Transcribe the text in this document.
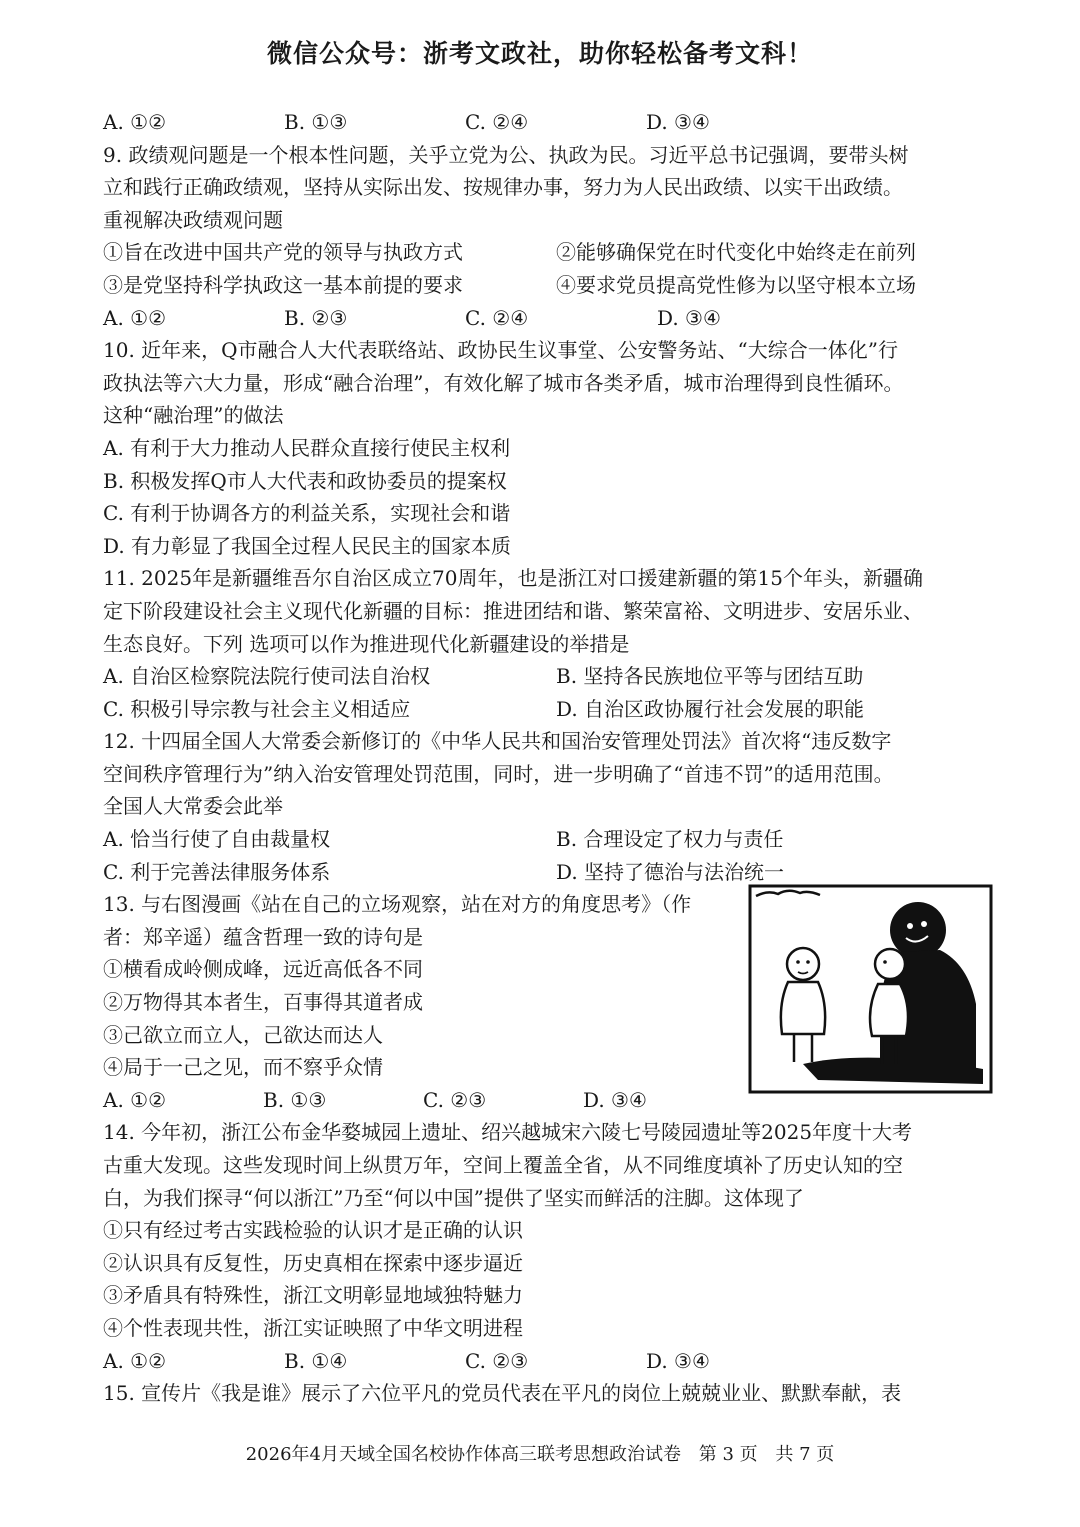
微信公众号：浙考文政社，助你轻松备考文科！
A. ①②	B. ①③	C. ②④	D. ③④
9. 政绩观问题是一个根本性问题，关乎立党为公、执政为民。习近平总书记强调，要带头树
立和践行正确政绩观，坚持从实际出发、按规律办事，努力为人民出政绩、以实干出政绩。
重视解决政绩观问题
①旨在改进中国共产党的领导与执政方式	②能够确保党在时代变化中始终走在前列
③是党坚持科学执政这一基本前提的要求	④要求党员提高党性修为以坚守根本立场
A. ①②	B. ②③	C. ②④	D. ③④
10. 近年来，Q市融合人大代表联络站、政协民生议事堂、公安警务站、“大综合一体化”行
政执法等六大力量，形成“融合治理”，有效化解了城市各类矛盾，城市治理得到良性循环。
这种“融治理”的做法
A. 有利于大力推动人民群众直接行使民主权利
B. 积极发挥Q市人大代表和政协委员的提案权
C. 有利于协调各方的利益关系，实现社会和谐
D. 有力彰显了我国全过程人民民主的国家本质
11. 2025年是新疆维吾尔自治区成立70周年，也是浙江对口援建新疆的第15个年头，新疆确
定下阶段建设社会主义现代化新疆的目标：推进团结和谐、繁荣富裕、文明进步、安居乐业、
生态良好。下列 选项可以作为推进现代化新疆建设的举措是
A. 自治区检察院法院行使司法自治权	B. 坚持各民族地位平等与团结互助
C. 积极引导宗教与社会主义相适应	D. 自治区政协履行社会发展的职能
12. 十四届全国人大常委会新修订的《中华人民共和国治安管理处罚法》首次将“违反数字
空间秩序管理行为”纳入治安管理处罚范围，同时，进一步明确了“首违不罚”的适用范围。
全国人大常委会此举
A. 恰当行使了自由裁量权	B. 合理设定了权力与责任
C. 利于完善法律服务体系	D. 坚持了德治与法治统一
13. 与右图漫画《站在自己的立场观察，站在对方的角度思考》（作
者：郑辛遥）蕴含哲理一致的诗句是
①横看成岭侧成峰，远近高低各不同
②万物得其本者生，百事得其道者成
③己欲立而立人，己欲达而达人
④局于一己之见，而不察乎众情
A. ①②	B. ①③	C. ②③	D. ③④
14. 今年初，浙江公布金华婺城园上遗址、绍兴越城宋六陵七号陵园遗址等2025年度十大考
古重大发现。这些发现时间上纵贯万年，空间上覆盖全省，从不同维度填补了历史认知的空
白，为我们探寻“何以浙江”乃至“何以中国”提供了坚实而鲜活的注脚。这体现了
①只有经过考古实践检验的认识才是正确的认识
②认识具有反复性，历史真相在探索中逐步逼近
③矛盾具有特殊性，浙江文明彰显地域独特魅力
④个性表现共性，浙江实证映照了中华文明进程
A. ①②	B. ①④	C. ②③	D. ③④
15. 宣传片《我是谁》展示了六位平凡的党员代表在平凡的岗位上兢兢业业、默默奉献，表
2026年4月天域全国名校协作体高三联考思想政治试卷 第 3 页 共 7 页
